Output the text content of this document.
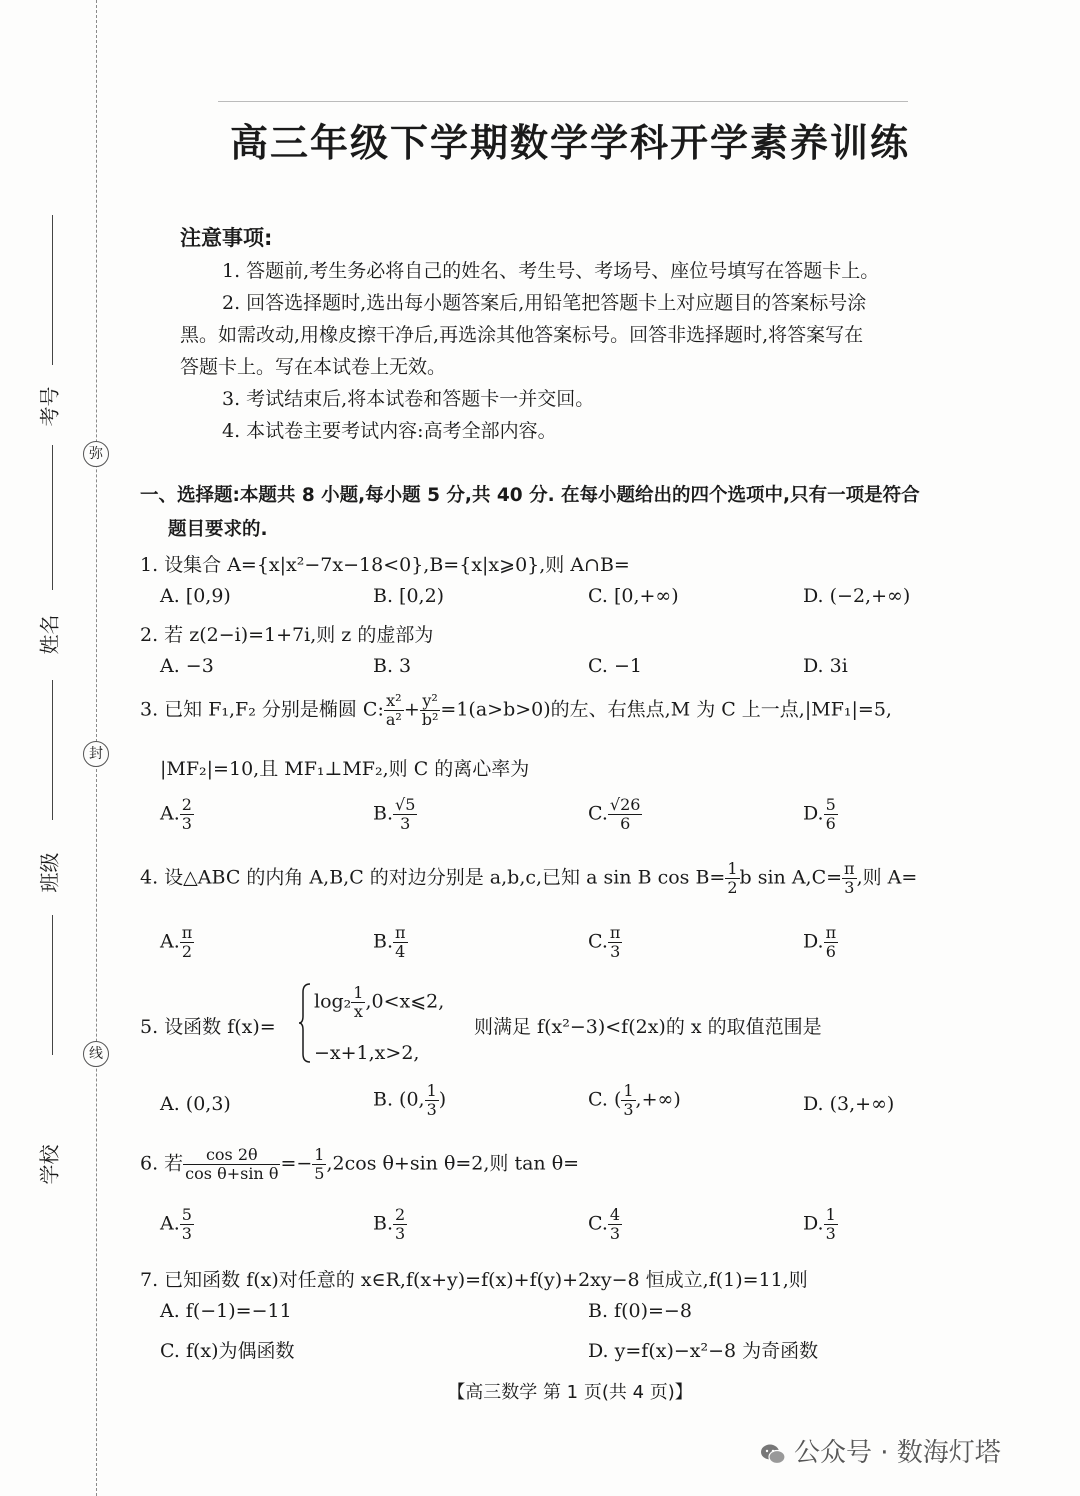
考号
姓名
班级
学校
弥
封
线
高三年级下学期数学学科开学素养训练
注意事项:
1. 答题前,考生务必将自己的姓名、考生号、考场号、座位号填写在答题卡上。
2. 回答选择题时,选出每小题答案后,用铅笔把答题卡上对应题目的答案标号涂
黑。如需改动,用橡皮擦干净后,再选涂其他答案标号。回答非选择题时,将答案写在
答题卡上。写在本试卷上无效。
3. 考试结束后,将本试卷和答题卡一并交回。
4. 本试卷主要考试内容:高考全部内容。
一、选择题:本题共 8 小题,每小题 5 分,共 40 分. 在每小题给出的四个选项中,只有一项是符合
题目要求的.
1. 设集合 A={x|x²−7x−18<0},B={x|x⩾0},则 A∩B=
A. [0,9)	B. [0,2)	C. [0,+∞)	D. (−2,+∞)
2. 若 z(2−i)=1+7i,则 z 的虚部为
A. −3	B. 3	C. −1	D. 3i
3. 已知 F₁,F₂ 分别是椭圆 C: $\frac{\text{x²}}{\text{a²}} + \frac{\text{y²}}{\text{b²}} =1(a>b>0)$的左、右焦点,M 为 C 上一点,|MF₁|=5,
|MF₂|=10,且 MF₁⊥MF₂,则 C 的离心率为
A. $\frac{2}{3}$	B. $\frac{√5}{3}$	C. $\frac{√26}{6}$	D. $\frac{5}{6}$
4. 设△ABC 的内角 A,B,C 的对边分别是 a,b,c,已知 a sin B $\cos B= \frac{1}{2}$ b $\sin A,C= \frac{\pi}{3}$ ,则 A=
A. $\frac{\pi}{2}$	B. $\frac{\pi}{4}$	C. $\frac{\pi}{3}$	D. $\frac{\pi}{6}$
5. 设函数 f(x)=
$\log_2 \frac{1}{x}$ ,0<x⩽2,
−x+1,x>2,
则满足 f(x²−3)<f(2x)的 x 的取值范围是
A. (0,3)	B. (0, $\frac{1}{3}$ )	C. ( $\frac{1}{3}$ ,+∞)	D. (3,+∞)
6. 若 $\frac{\cos 2\theta}{\text{cos θ+sin θ}} =- \frac{1}{5} ,2\cos$ θ+sin θ=2,则 tan θ=
A. $\frac{5}{3}$	B. $\frac{2}{3}$	C. $\frac{4}{3}$	D. $\frac{1}{3}$
7. 已知函数 f(x)对任意的 x∈R,f(x+y)=f(x)+f(y)+2xy−8 恒成立,f(1)=11,则
A. f(−1)=−11	B. f(0)=−8
C. f(x)为偶函数	D. y=f(x)−x²−8 为奇函数
【高三数学 第 1 页(共 4 页)】
公众号 · 数海灯塔
